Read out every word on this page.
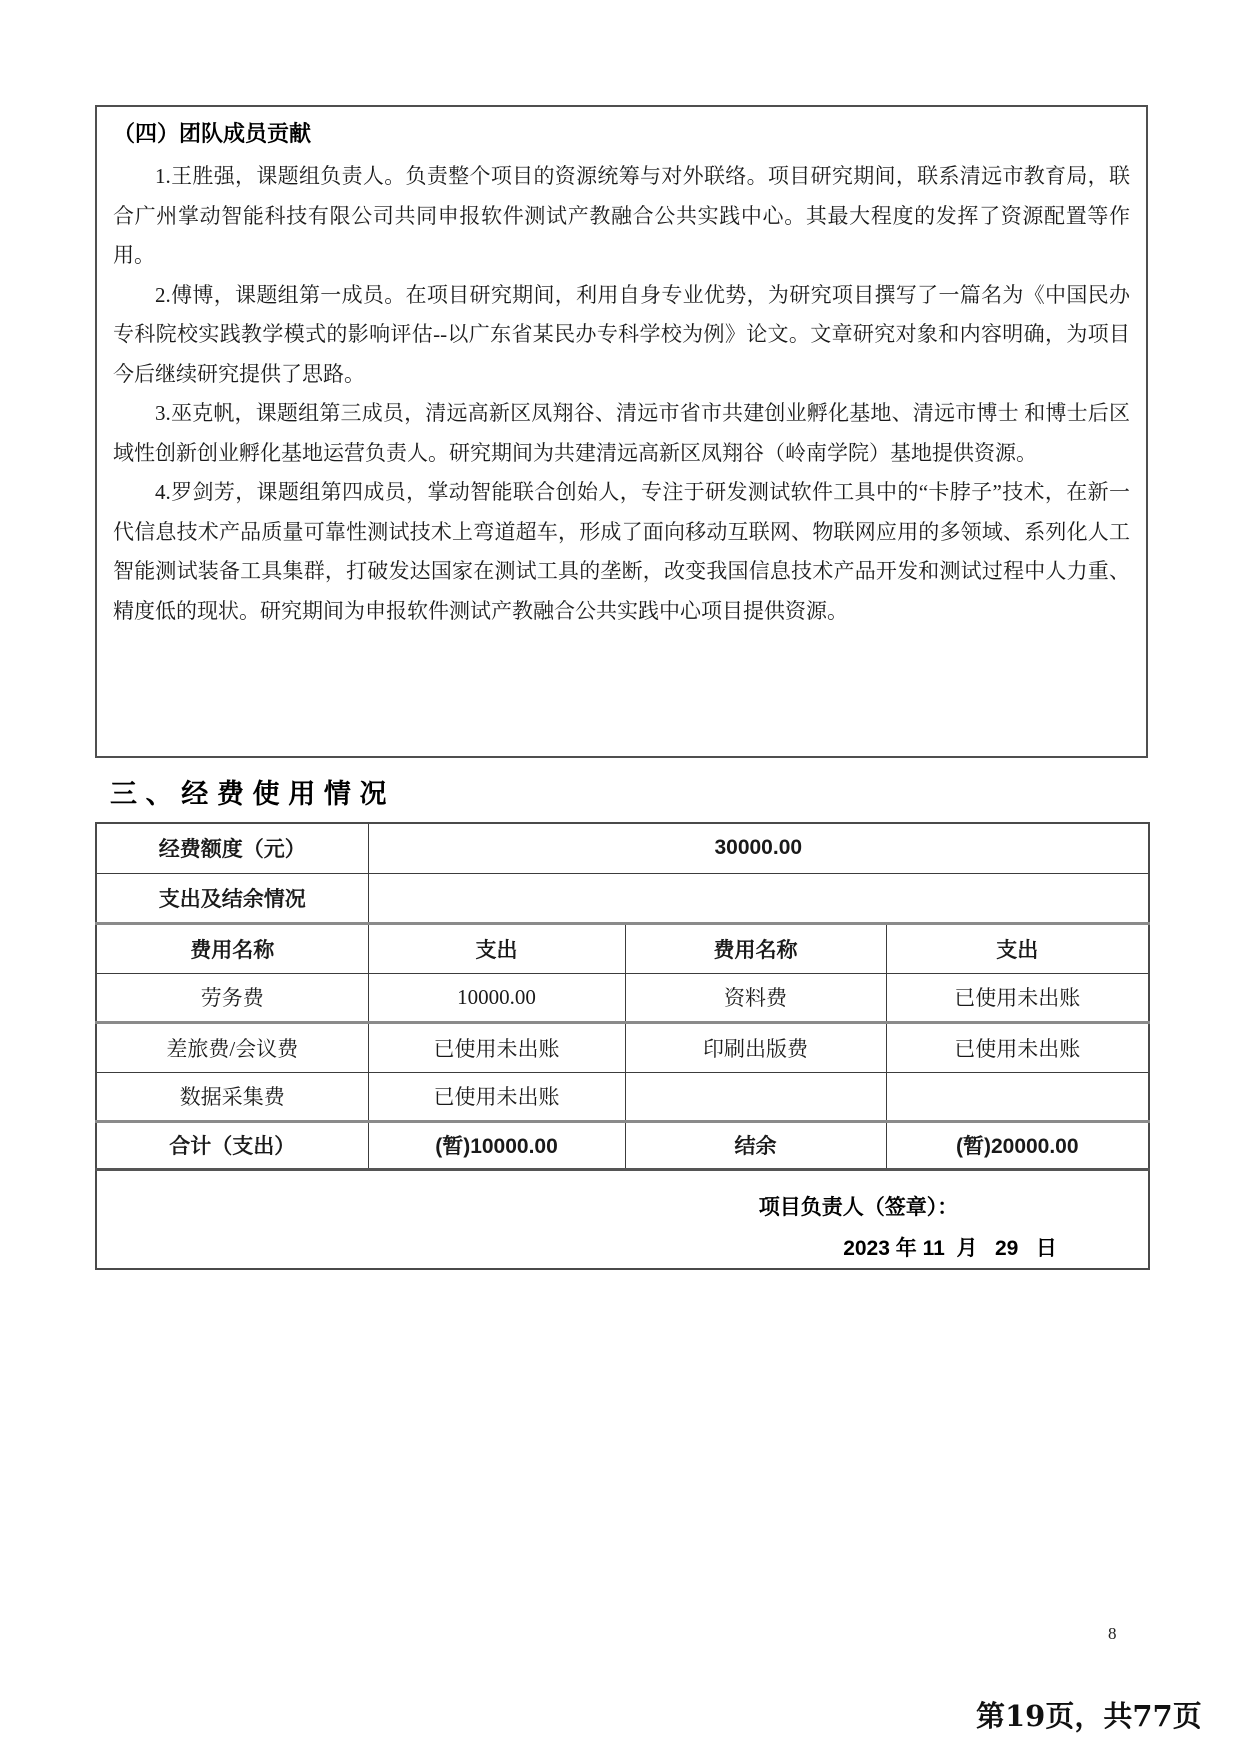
（四）团队成员贡献

1.王胜强，课题组负责人。负责整个项目的资源统筹与对外联络。项目研究期间，联系清远市教育局，联合广州掌动智能科技有限公司共同申报软件测试产教融合公共实践中心。其最大程度的发挥了资源配置等作用。

2.傅博，课题组第一成员。在项目研究期间，利用自身专业优势，为研究项目撰写了一篇名为《中国民办专科院校实践教学模式的影响评估--以广东省某民办专科学校为例》论文。文章研究对象和内容明确，为项目今后继续研究提供了思路。

3.巫克帆，课题组第三成员，清远高新区凤翔谷、清远市省市共建创业孵化基地、清远市博士 和博士后区域性创新创业孵化基地运营负责人。研究期间为共建清远高新区凤翔谷（岭南学院）基地提供资源。

4.罗剑芳，课题组第四成员，掌动智能联合创始人，专注于研发测试软件工具中的“卡脖子”技术，在新一代信息技术产品质量可靠性测试技术上弯道超车，形成了面向移动互联网、物联网应用的多领域、系列化人工智能测试装备工具集群，打破发达国家在测试工具的垄断，改变我国信息技术产品开发和测试过程中人力重、精度低的现状。研究期间为申报软件测试产教融合公共实践中心项目提供资源。

三、经费使用情况
经费额度（元）	30000.00		
支出及结余情况			
费用名称	支出	费用名称	支出
劳务费	10000.00	资料费	已使用未出账
差旅费/会议费	已使用未出账	印刷出版费	已使用未出账
数据采集费	已使用未出账		
合计（支出）	(暂)10000.00	结余	(暂)20000.00

项目负责人（签章）：
2023 年 11  月   29   日			
8
第19页，共77页
